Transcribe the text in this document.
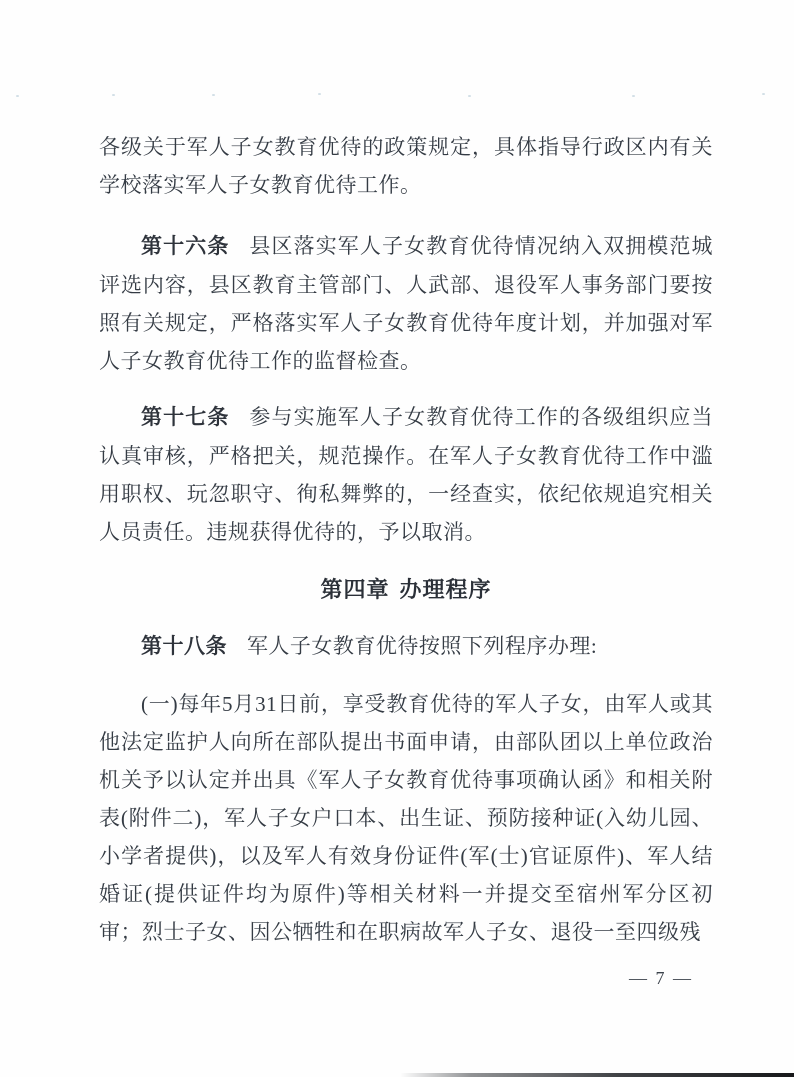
各级关于军人子女教育优待的政策规定，具体指导行政区内有关学校落实军人子女教育优待工作。

第十六条 县区落实军人子女教育优待情况纳入双拥模范城评选内容，县区教育主管部门、人武部、退役军人事务部门要按照有关规定，严格落实军人子女教育优待年度计划，并加强对军人子女教育优待工作的监督检查。

第十七条 参与实施军人子女教育优待工作的各级组织应当认真审核，严格把关，规范操作。在军人子女教育优待工作中滥用职权、玩忽职守、徇私舞弊的，一经查实，依纪依规追究相关人员责任。违规获得优待的，予以取消。

第四章 办理程序

第十八条 军人子女教育优待按照下列程序办理:

(一)每年5月31日前，享受教育优待的军人子女，由军人或其他法定监护人向所在部队提出书面申请，由部队团以上单位政治机关予以认定并出具《军人子女教育优待事项确认函》和相关附表(附件二)，军人子女户口本、出生证、预防接种证(入幼儿园、小学者提供)，以及军人有效身份证件(军(士)官证原件)、军人结婚证(提供证件均为原件)等相关材料一并提交至宿州军分区初审；烈士子女、因公牺牲和在职病故军人子女、退役一至四级残

— 7 —
